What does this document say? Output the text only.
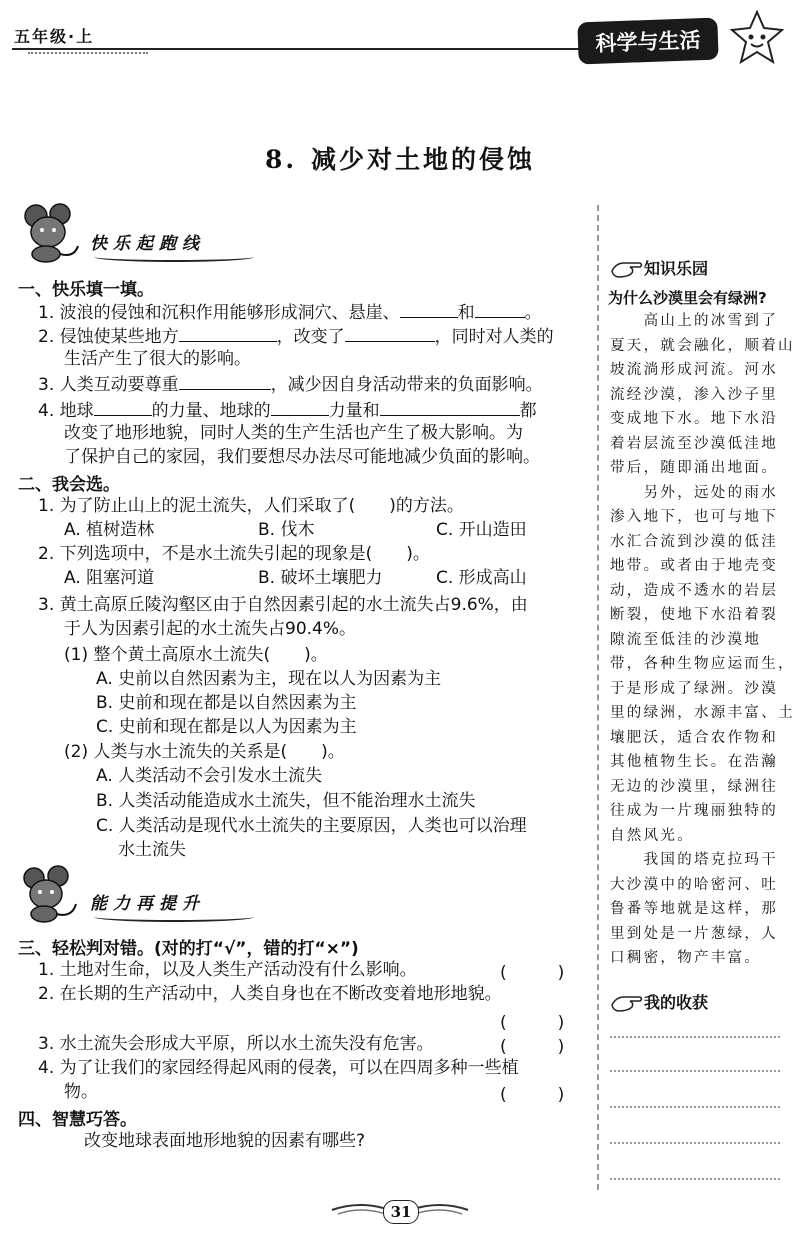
五年级·上	科学与生活
8. 减少对土地的侵蚀
快乐起跑线
一、快乐填一填。
1. 波浪的侵蚀和沉积作用能够形成洞穴、悬崖、	和	。
2. 侵蚀使某些地方	，改变了	，同时对人类的
生活产生了很大的影响。
3. 人类互动要尊重	，减少因自身活动带来的负面影响。
4. 地球	的力量、地球的	力量和	都
改变了地形地貌，同时人类的生产生活也产生了极大影响。为
了保护自己的家园，我们要想尽办法尽可能地减少负面的影响。
二、我会选。
1. 为了防止山上的泥土流失，人们采取了(　　)的方法。
A. 植树造林	B. 伐木	C. 开山造田
2. 下列选项中，不是水土流失引起的现象是(　　)。
A. 阻塞河道	B. 破坏土壤肥力	C. 形成高山
3. 黄土高原丘陵沟壑区由于自然因素引起的水土流失占9.6%，由
于人为因素引起的水土流失占90.4%。
(1) 整个黄土高原水土流失(　　)。
A. 史前以自然因素为主，现在以人为因素为主
B. 史前和现在都是以自然因素为主
C. 史前和现在都是以人为因素为主
(2) 人类与水土流失的关系是(　　)。
A. 人类活动不会引发水土流失
B. 人类活动能造成水土流失，但不能治理水土流失
C. 人类活动是现代水土流失的主要原因，人类也可以治理
水土流失
能力再提升
三、轻松判对错。(对的打“√”，错的打“×”)
1. 土地对生命，以及人类生产活动没有什么影响。	(　　　)
2. 在长期的生产活动中，人类自身也在不断改变着地形地貌。
(　　　)
3. 水土流失会形成大平原，所以水土流失没有危害。	(　　　)
4. 为了让我们的家园经得起风雨的侵袭，可以在四周多种一些植
物。	(　　　)
四、智慧巧答。
改变地球表面地形地貌的因素有哪些?
知识乐园
为什么沙漠里会有绿洲?
　　高山上的冰雪到了
夏天，就会融化，顺着山
坡流淌形成河流。河水
流经沙漠，渗入沙子里
变成地下水。地下水沿
着岩层流至沙漠低洼地
带后，随即涌出地面。
　　另外，远处的雨水
渗入地下，也可与地下
水汇合流到沙漠的低洼
地带。或者由于地壳变
动，造成不透水的岩层
断裂，使地下水沿着裂
隙流至低洼的沙漠地
带，各种生物应运而生，
于是形成了绿洲。沙漠
里的绿洲，水源丰富、土
壤肥沃，适合农作物和
其他植物生长。在浩瀚
无边的沙漠里，绿洲往
往成为一片瑰丽独特的
自然风光。
　　我国的塔克拉玛干
大沙漠中的哈密河、吐
鲁番等地就是这样，那
里到处是一片葱绿，人
口稠密，物产丰富。
我的收获
31
